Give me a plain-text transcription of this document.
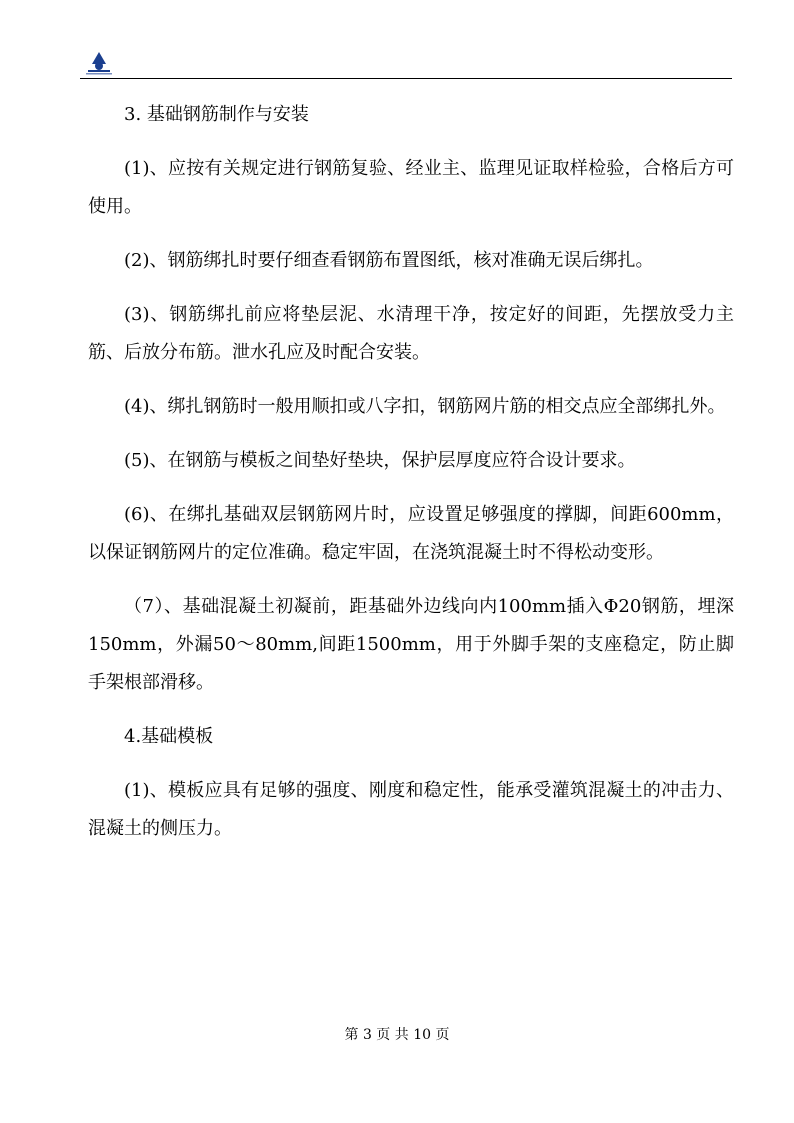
3. 基础钢筋制作与安装

(1)、应按有关规定进行钢筋复验、经业主、监理见证取样检验，合格后方可使用。

(2)、钢筋绑扎时要仔细查看钢筋布置图纸，核对准确无误后绑扎。

(3)、钢筋绑扎前应将垫层泥、水清理干净，按定好的间距，先摆放受力主筋、后放分布筋。泄水孔应及时配合安装。

(4)、绑扎钢筋时一般用顺扣或八字扣，钢筋网片筋的相交点应全部绑扎外。

(5)、在钢筋与模板之间垫好垫块，保护层厚度应符合设计要求。

(6)、在绑扎基础双层钢筋网片时，应设置足够强度的撑脚，间距600mm，以保证钢筋网片的定位准确。稳定牢固，在浇筑混凝土时不得松动变形。

（7）、基础混凝土初凝前，距基础外边线向内100mm插入Φ20钢筋，埋深150mm，外漏50～80mm,间距1500mm，用于外脚手架的支座稳定，防止脚手架根部滑移。

4.基础模板

(1)、模板应具有足够的强度、刚度和稳定性，能承受灌筑混凝土的冲击力、混凝土的侧压力。

第 3 页 共 10 页
